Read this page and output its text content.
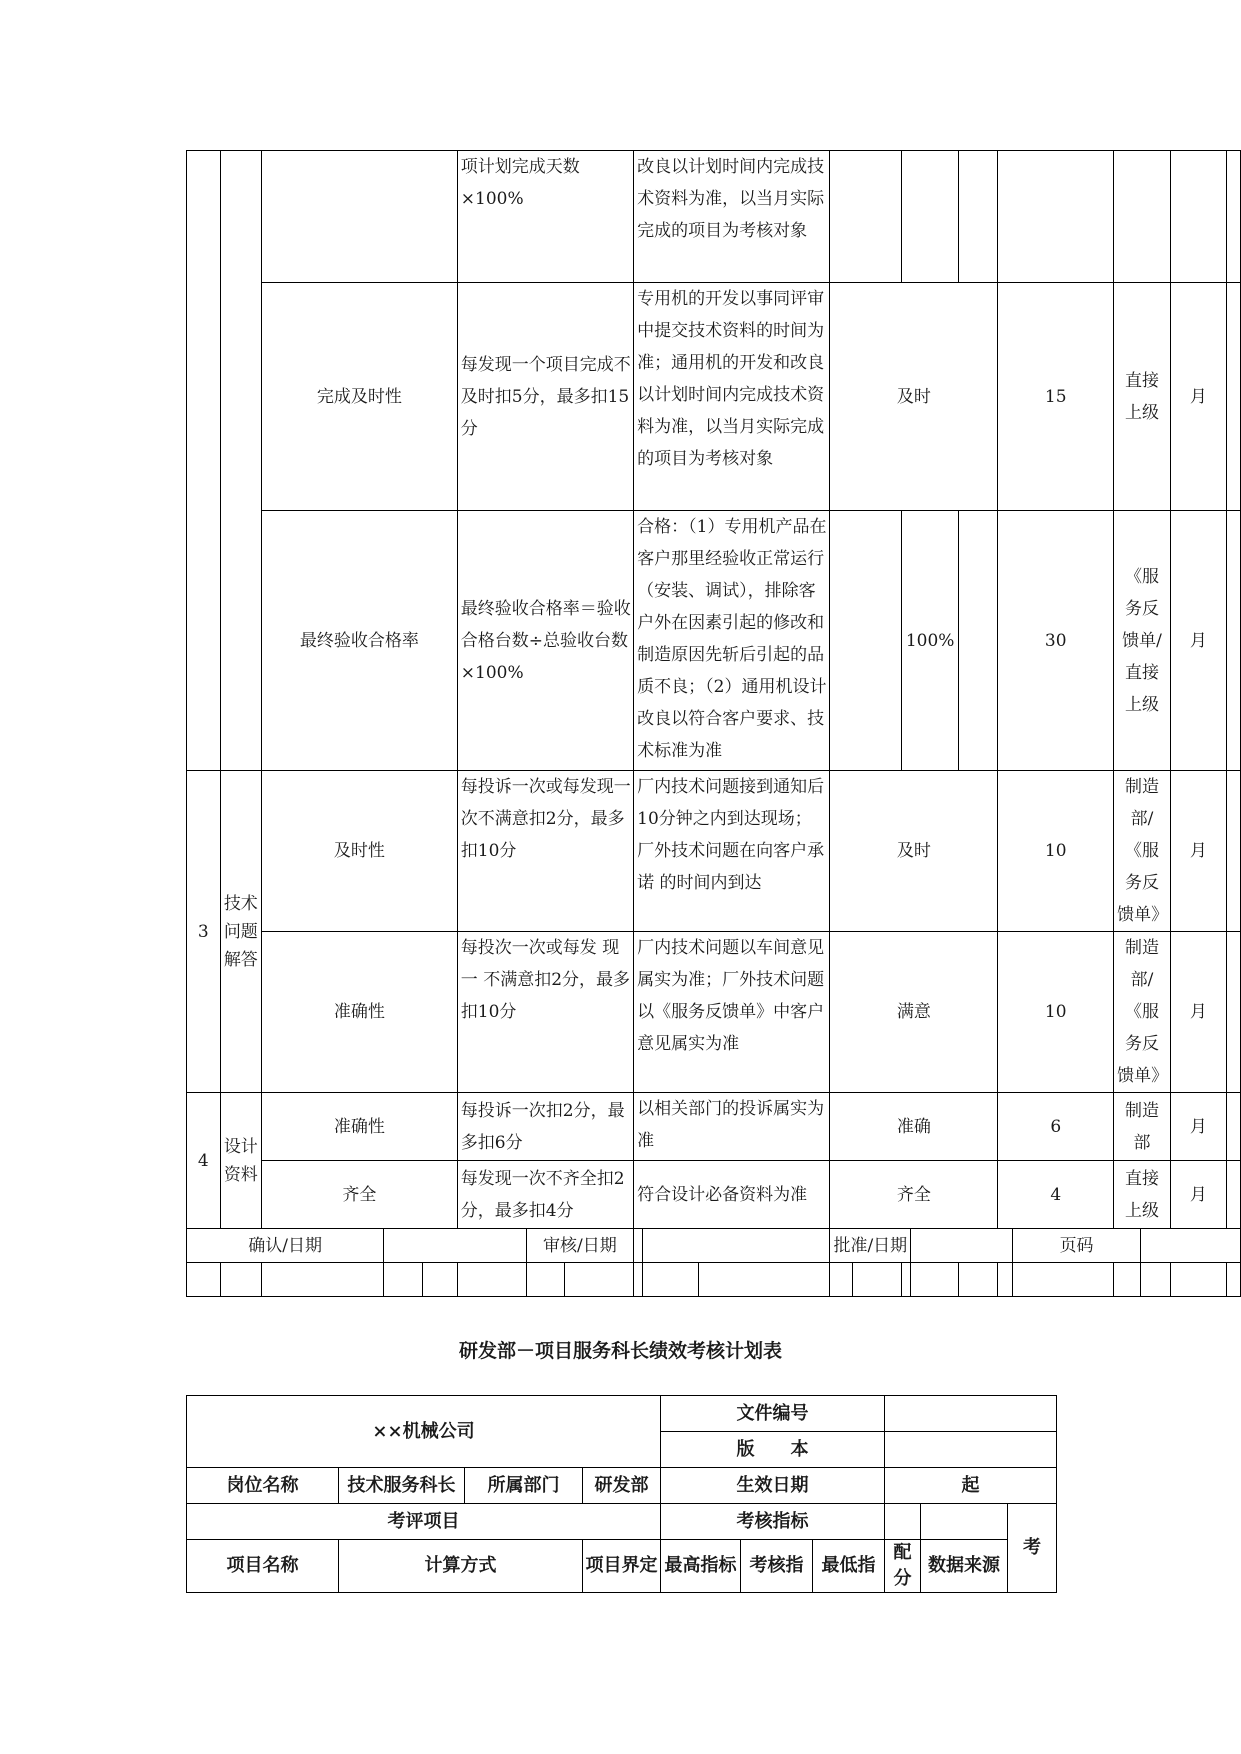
					项计划完成天数×100%			改良以计划时间内完成技术资料为准，以当月实际完成的项目为考核对象													
		完成及时性			每发现一个项目完成不及时扣5分，最多扣15分			专用机的开发以事同评审中提交技术资料的时间为准；通用机的开发和改良以计划时间内完成技术资料为准，以当月实际完成的项目为考核对象			及时					15		直接上级		月	
		最终验收合格率			最终验收合格率＝验收合格台数÷总验收台数×100%			合格：（1）专用机产品在客户那里经验收正常运行（安装、调试），排除客户外在因素引起的修改和制造原因先斩后引起的品质不良；（2）通用机设计改良以符合客户要求、技术标准为准					100%			30		《服务反馈单/直接上级		月	
3	技术问题解答	及时性			每投诉一次或每发现一次不满意扣2分，最多扣10分			厂内技术问题接到通知后10分钟之内到达现场；厂外技术问题在向客户承诺 的时间内到达			及时					10		制造部/《服务反馈单》		月	
		准确性			每投次一次或每发 现一 不满意扣2分，最多扣10分			厂内技术问题以车间意见属实为准；厂外技术问题以《服务反馈单》中客户意见属实为准			满意					10		制造部/《服务反馈单》		月	
4	设计资料	准确性			每投诉一次扣2分，最多扣6分			以相关部门的投诉属实为准			准确					6		制造部		月	
		齐全			每发现一次不齐全扣2分，最多扣4分			符合设计必备资料为准			齐全					4		直接上级		月	
确认/日期						审核/日期					批准/日期						页码				

研发部－项目服务科长绩效考核计划表
××机械公司				文件编号					
				版　　本					
岗位名称	技术服务科长	所属部门	研发部	生效日期			起		
考评项目				考核指标					考
项目名称	计算方式		项目界定	最高指标	考核指	最低指	配分	数据来源	
